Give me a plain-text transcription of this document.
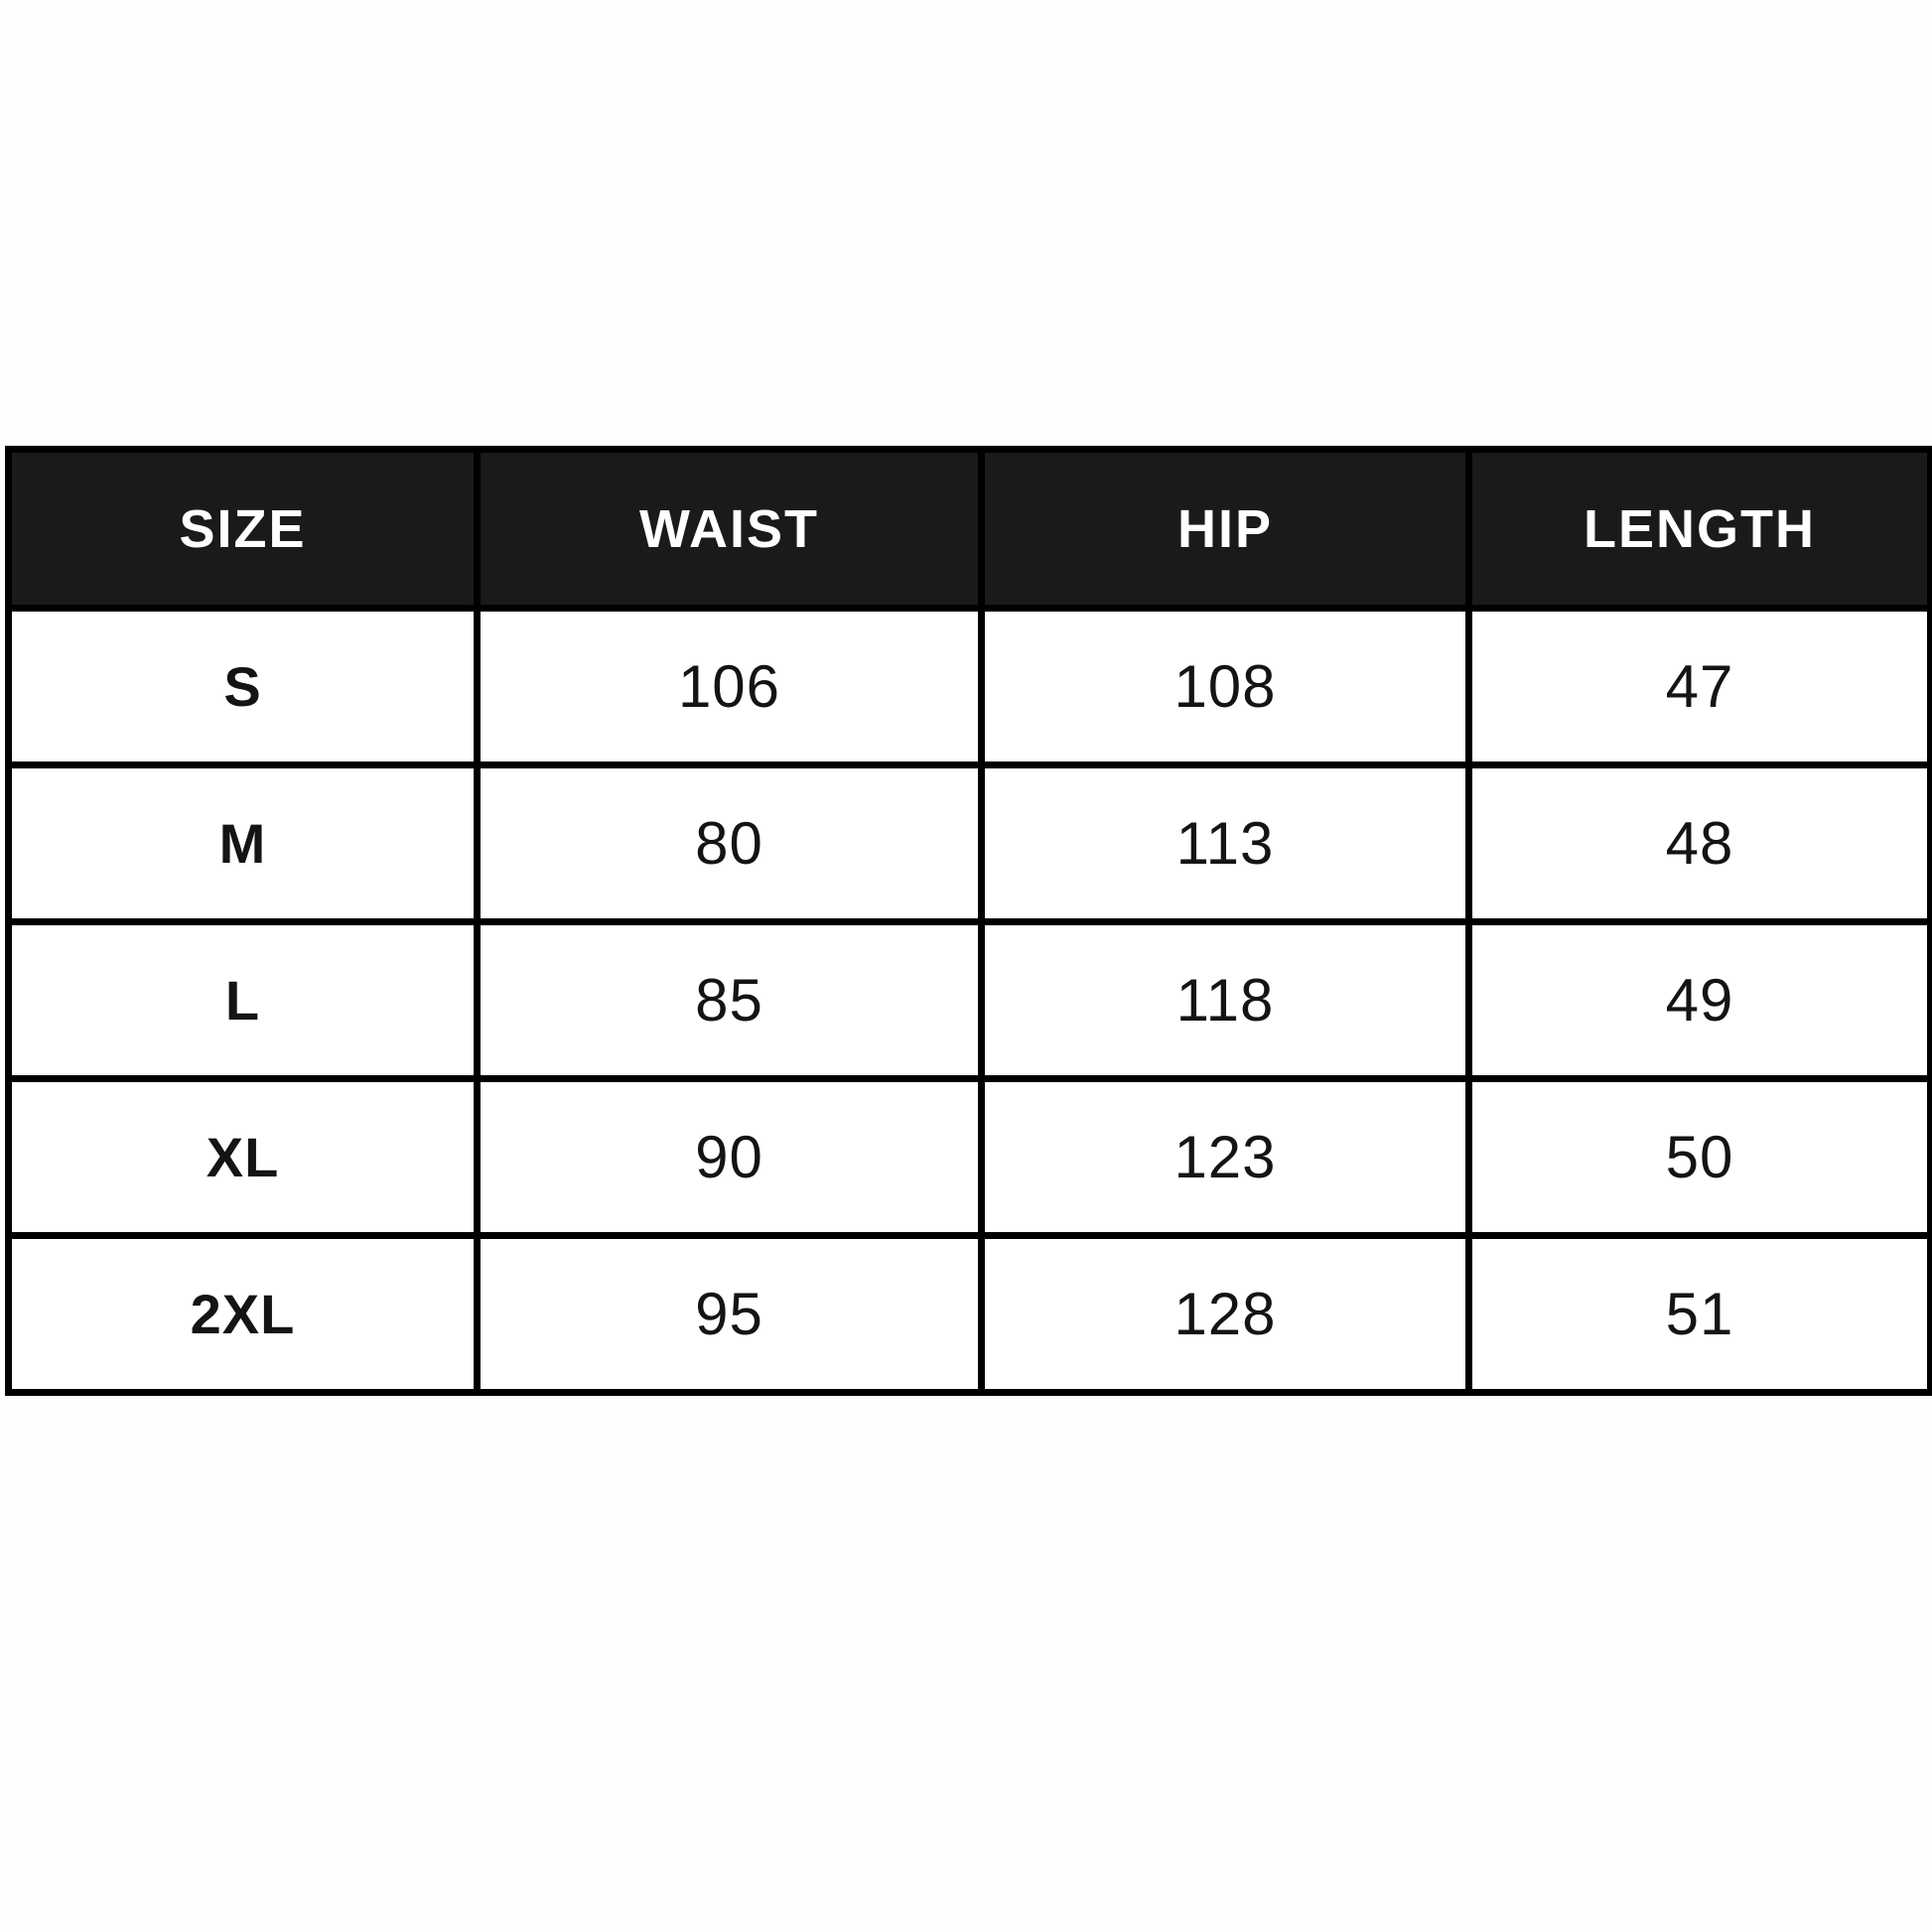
SIZE	WAIST	HIP	LENGTH
S	106	108	47
M	80	113	48
L	85	118	49
XL	90	123	50
2XL	95	128	51
